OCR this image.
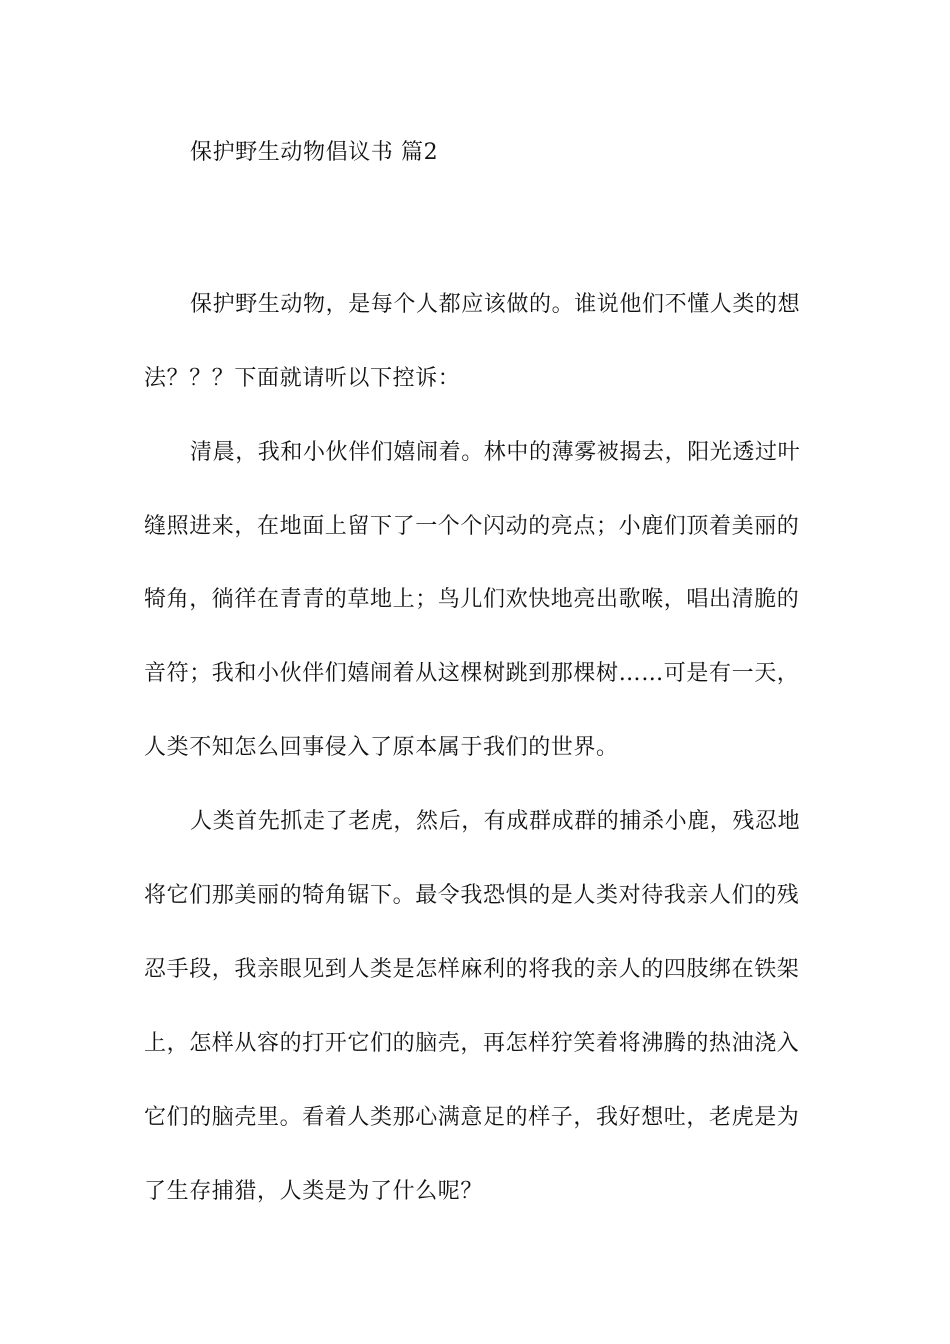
保护野生动物倡议书 篇2
保护野生动物，是每个人都应该做的。谁说他们不懂人类的想
法？？？下面就请听以下控诉：
清晨，我和小伙伴们嬉闹着。林中的薄雾被揭去，阳光透过叶
缝照进来，在地面上留下了一个个闪动的亮点；小鹿们顶着美丽的
犄角，徜徉在青青的草地上；鸟儿们欢快地亮出歌喉，唱出清脆的
音符；我和小伙伴们嬉闹着从这棵树跳到那棵树……可是有一天，
人类不知怎么回事侵入了原本属于我们的世界。
人类首先抓走了老虎，然后，有成群成群的捕杀小鹿，残忍地
将它们那美丽的犄角锯下。最令我恐惧的是人类对待我亲人们的残
忍手段，我亲眼见到人类是怎样麻利的将我的亲人的四肢绑在铁架
上，怎样从容的打开它们的脑壳，再怎样狞笑着将沸腾的热油浇入
它们的脑壳里。看着人类那心满意足的样子，我好想吐，老虎是为
了生存捕猎，人类是为了什么呢？
